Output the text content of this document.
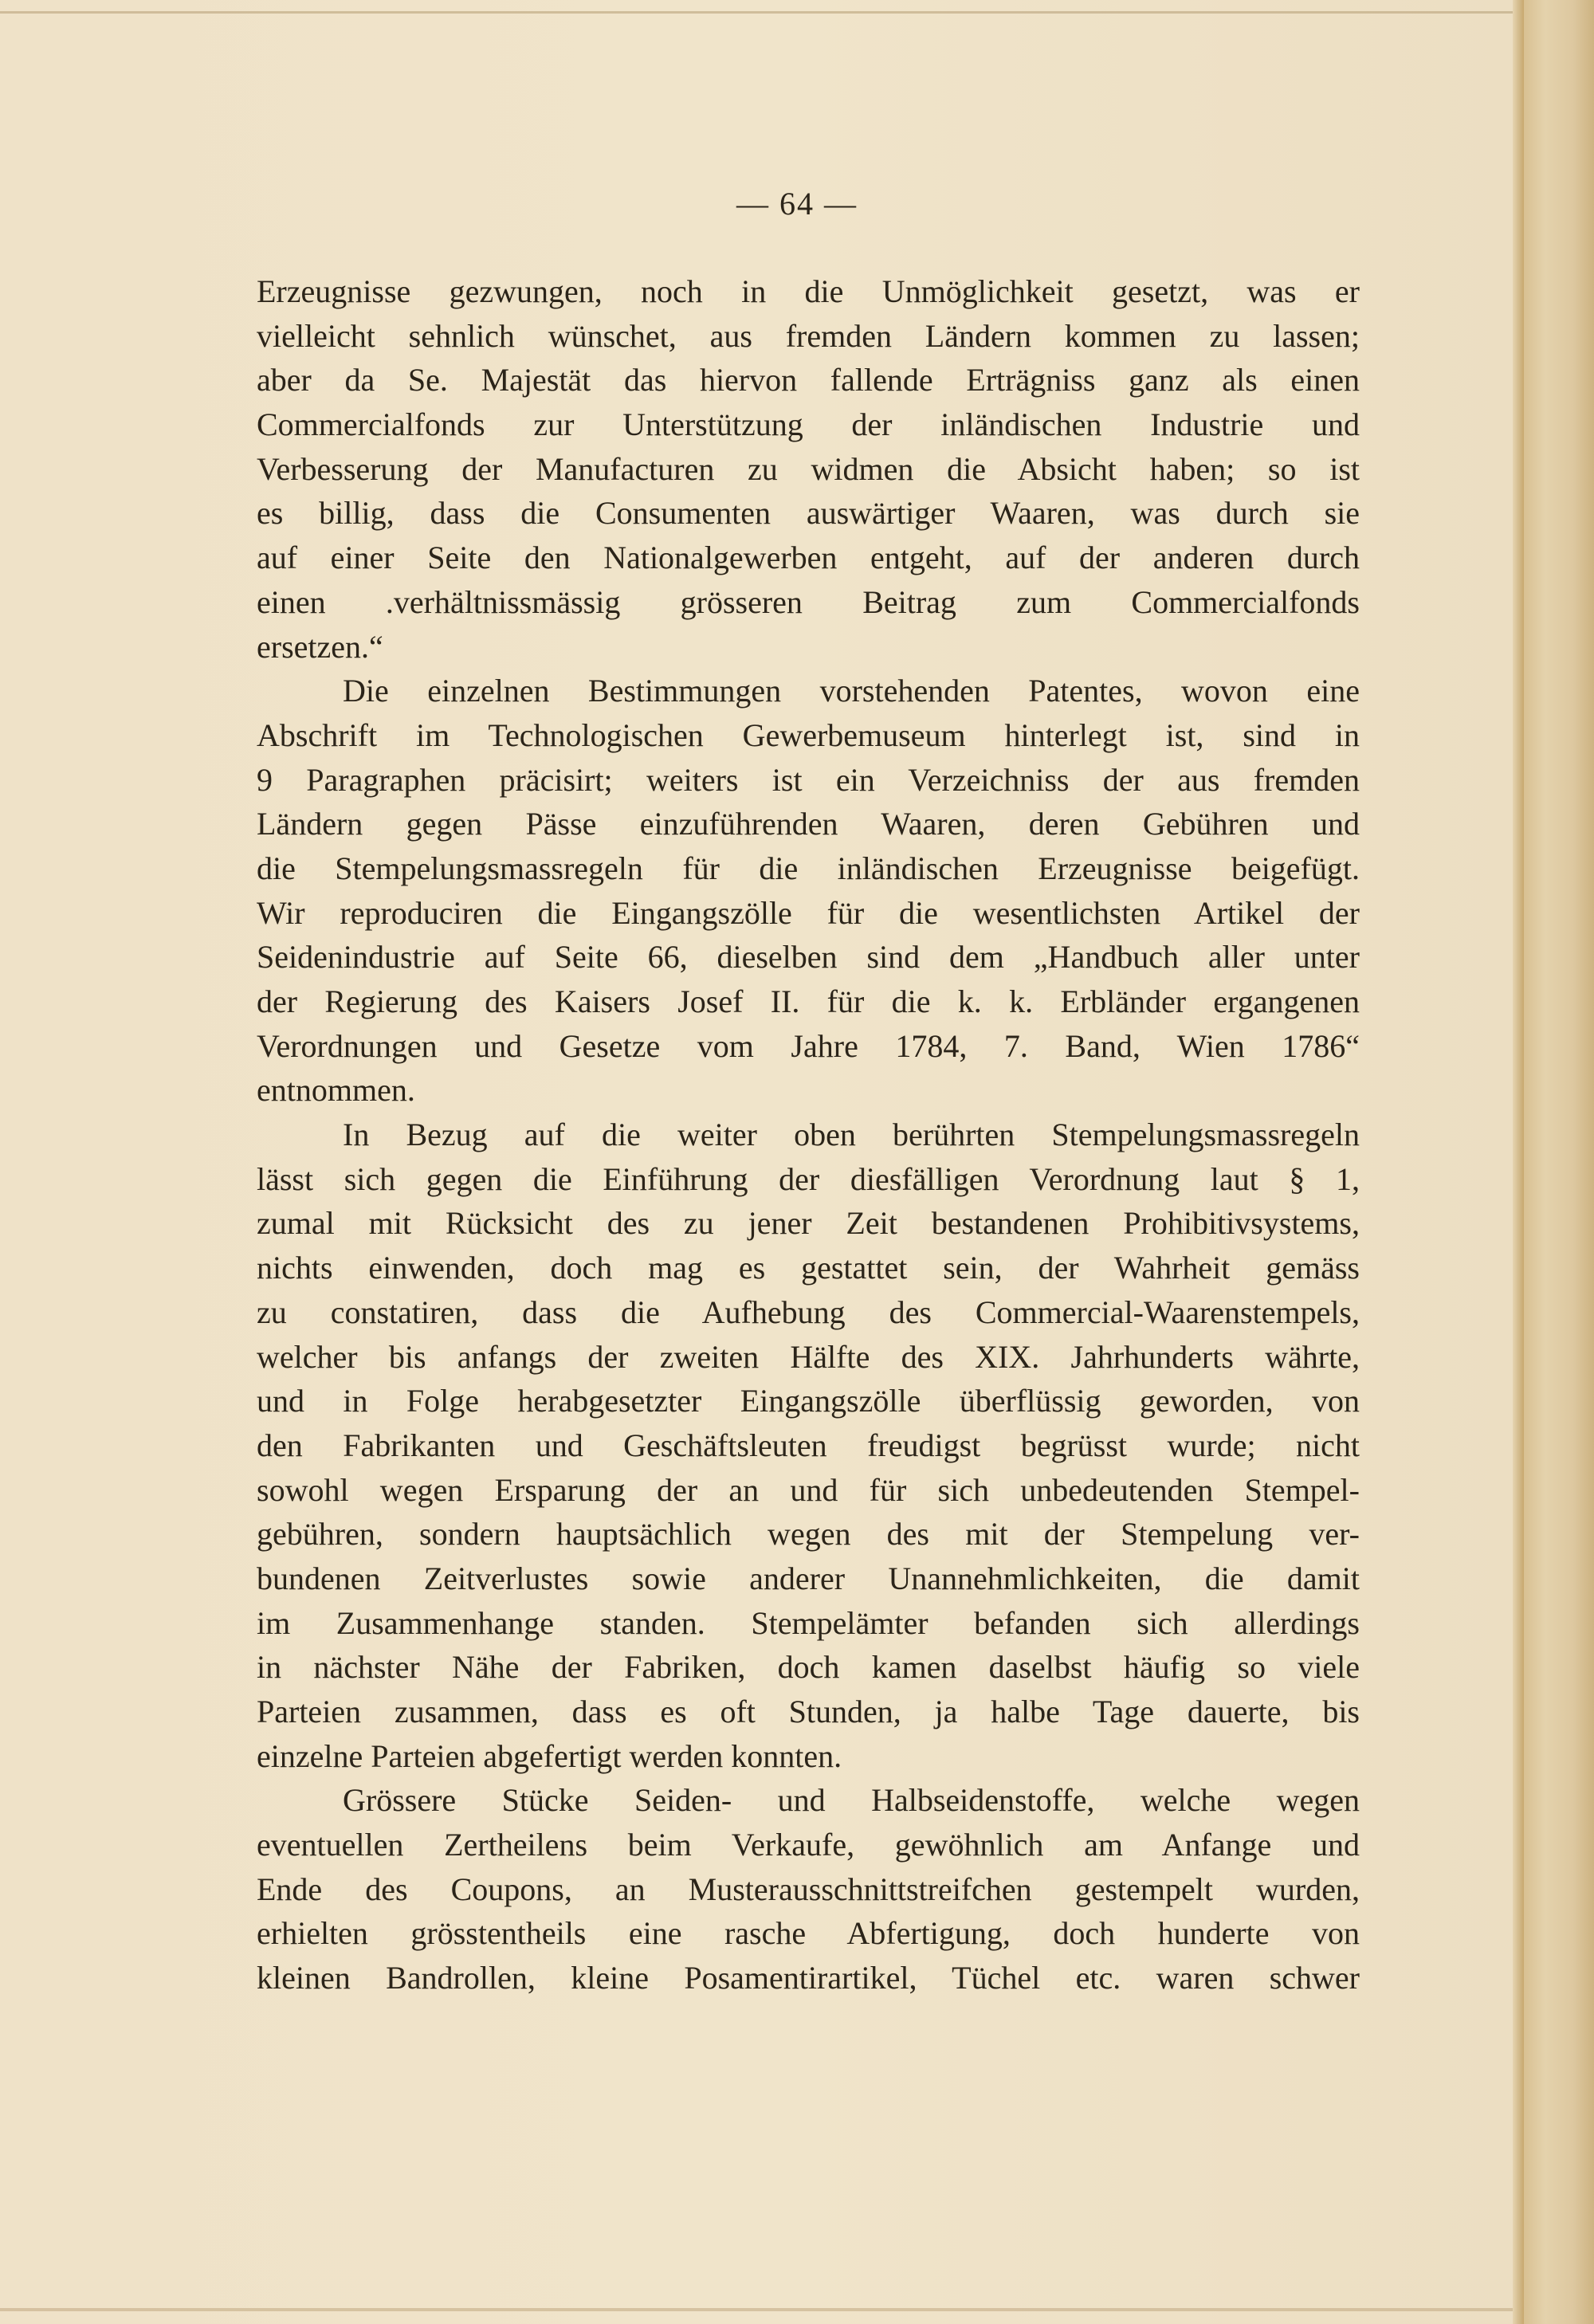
— 64 —
Erzeugnisse gezwungen, noch in die Unmöglichkeit gesetzt, was er
vielleicht sehnlich wünschet, aus fremden Ländern kommen zu lassen;
aber da Se. Majestät das hiervon fallende Erträgniss ganz als einen
Commercialfonds zur Unterstützung der inländischen Industrie und
Verbesserung der Manufacturen zu widmen die Absicht haben; so ist
es billig, dass die Consumenten auswärtiger Waaren, was durch sie
auf einer Seite den Nationalgewerben entgeht, auf der anderen durch
einen .verhältnissmässig grösseren Beitrag zum Commercialfonds
ersetzen.“
Die einzelnen Bestimmungen vorstehenden Patentes, wovon eine
Abschrift im Technologischen Gewerbemuseum hinterlegt ist, sind in
9 Paragraphen präcisirt; weiters ist ein Verzeichniss der aus fremden
Ländern gegen Pässe einzuführenden Waaren, deren Gebühren und
die Stempelungsmassregeln für die inländischen Erzeugnisse beigefügt.
Wir reproduciren die Eingangszölle für die wesentlichsten Artikel der
Seidenindustrie auf Seite 66, dieselben sind dem „Handbuch aller unter
der Regierung des Kaisers Josef II. für die k. k. Erbländer ergangenen
Verordnungen und Gesetze vom Jahre 1784, 7. Band, Wien 1786“
entnommen.
In Bezug auf die weiter oben berührten Stempelungsmassregeln
lässt sich gegen die Einführung der diesfälligen Verordnung laut § 1,
zumal mit Rücksicht des zu jener Zeit bestandenen Prohibitivsystems,
nichts einwenden, doch mag es gestattet sein, der Wahrheit gemäss
zu constatiren, dass die Aufhebung des Commercial-Waarenstempels,
welcher bis anfangs der zweiten Hälfte des XIX. Jahrhunderts währte,
und in Folge herabgesetzter Eingangszölle überflüssig geworden, von
den Fabrikanten und Geschäftsleuten freudigst begrüsst wurde; nicht
sowohl wegen Ersparung der an und für sich unbedeutenden Stempel-
gebühren, sondern hauptsächlich wegen des mit der Stempelung ver-
bundenen Zeitverlustes sowie anderer Unannehmlichkeiten, die damit
im Zusammenhange standen. Stempelämter befanden sich allerdings
in nächster Nähe der Fabriken, doch kamen daselbst häufig so viele
Parteien zusammen, dass es oft Stunden, ja halbe Tage dauerte, bis
einzelne Parteien abgefertigt werden konnten.
Grössere Stücke Seiden- und Halbseidenstoffe, welche wegen
eventuellen Zertheilens beim Verkaufe, gewöhnlich am Anfange und
Ende des Coupons, an Musterausschnittstreifchen gestempelt wurden,
erhielten grösstentheils eine rasche Abfertigung, doch hunderte von
kleinen Bandrollen, kleine Posamentirartikel, Tüchel etc. waren schwer
